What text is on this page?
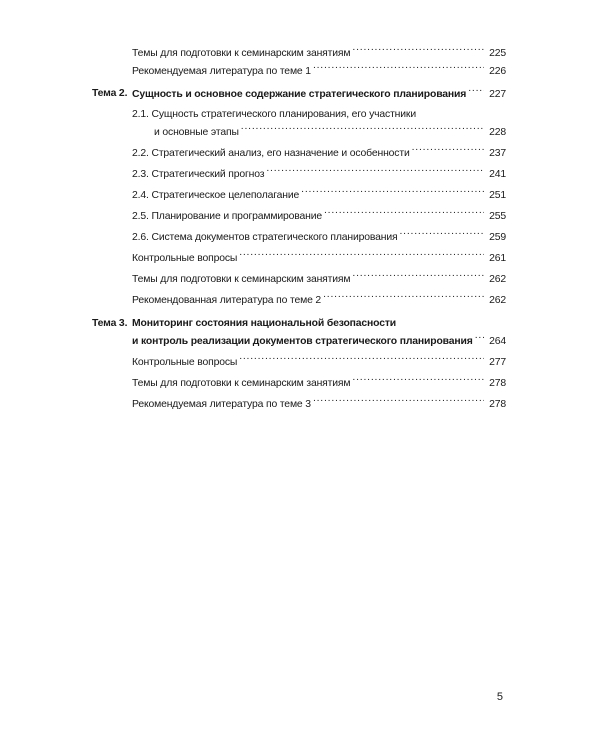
Темы для подготовки к семинарским занятиям .....	225
Рекомендуемая литература по теме 1 .....	226
Тема 2. Сущность и основное содержание стратегического планирования ..... 227
2.1. Сущность стратегического планирования, его участники
и основные этапы .....	228
2.2. Стратегический анализ, его назначение и особенности .....	237
2.3. Стратегический прогноз .....	241
2.4. Стратегическое целеполагание .....	251
2.5. Планирование и программирование .....	255
2.6. Система документов стратегического планирования .....	259
Контрольные вопросы .....	261
Темы для подготовки к семинарским занятиям .....	262
Рекомендованная литература по теме 2 .....	262
Тема 3. Мониторинг состояния национальной безопасности
и контроль реализации документов стратегического планирования ..... 264
Контрольные вопросы .....	277
Темы для подготовки к семинарским занятиям .....	278
Рекомендуемая литература по теме 3 .....	278
5
